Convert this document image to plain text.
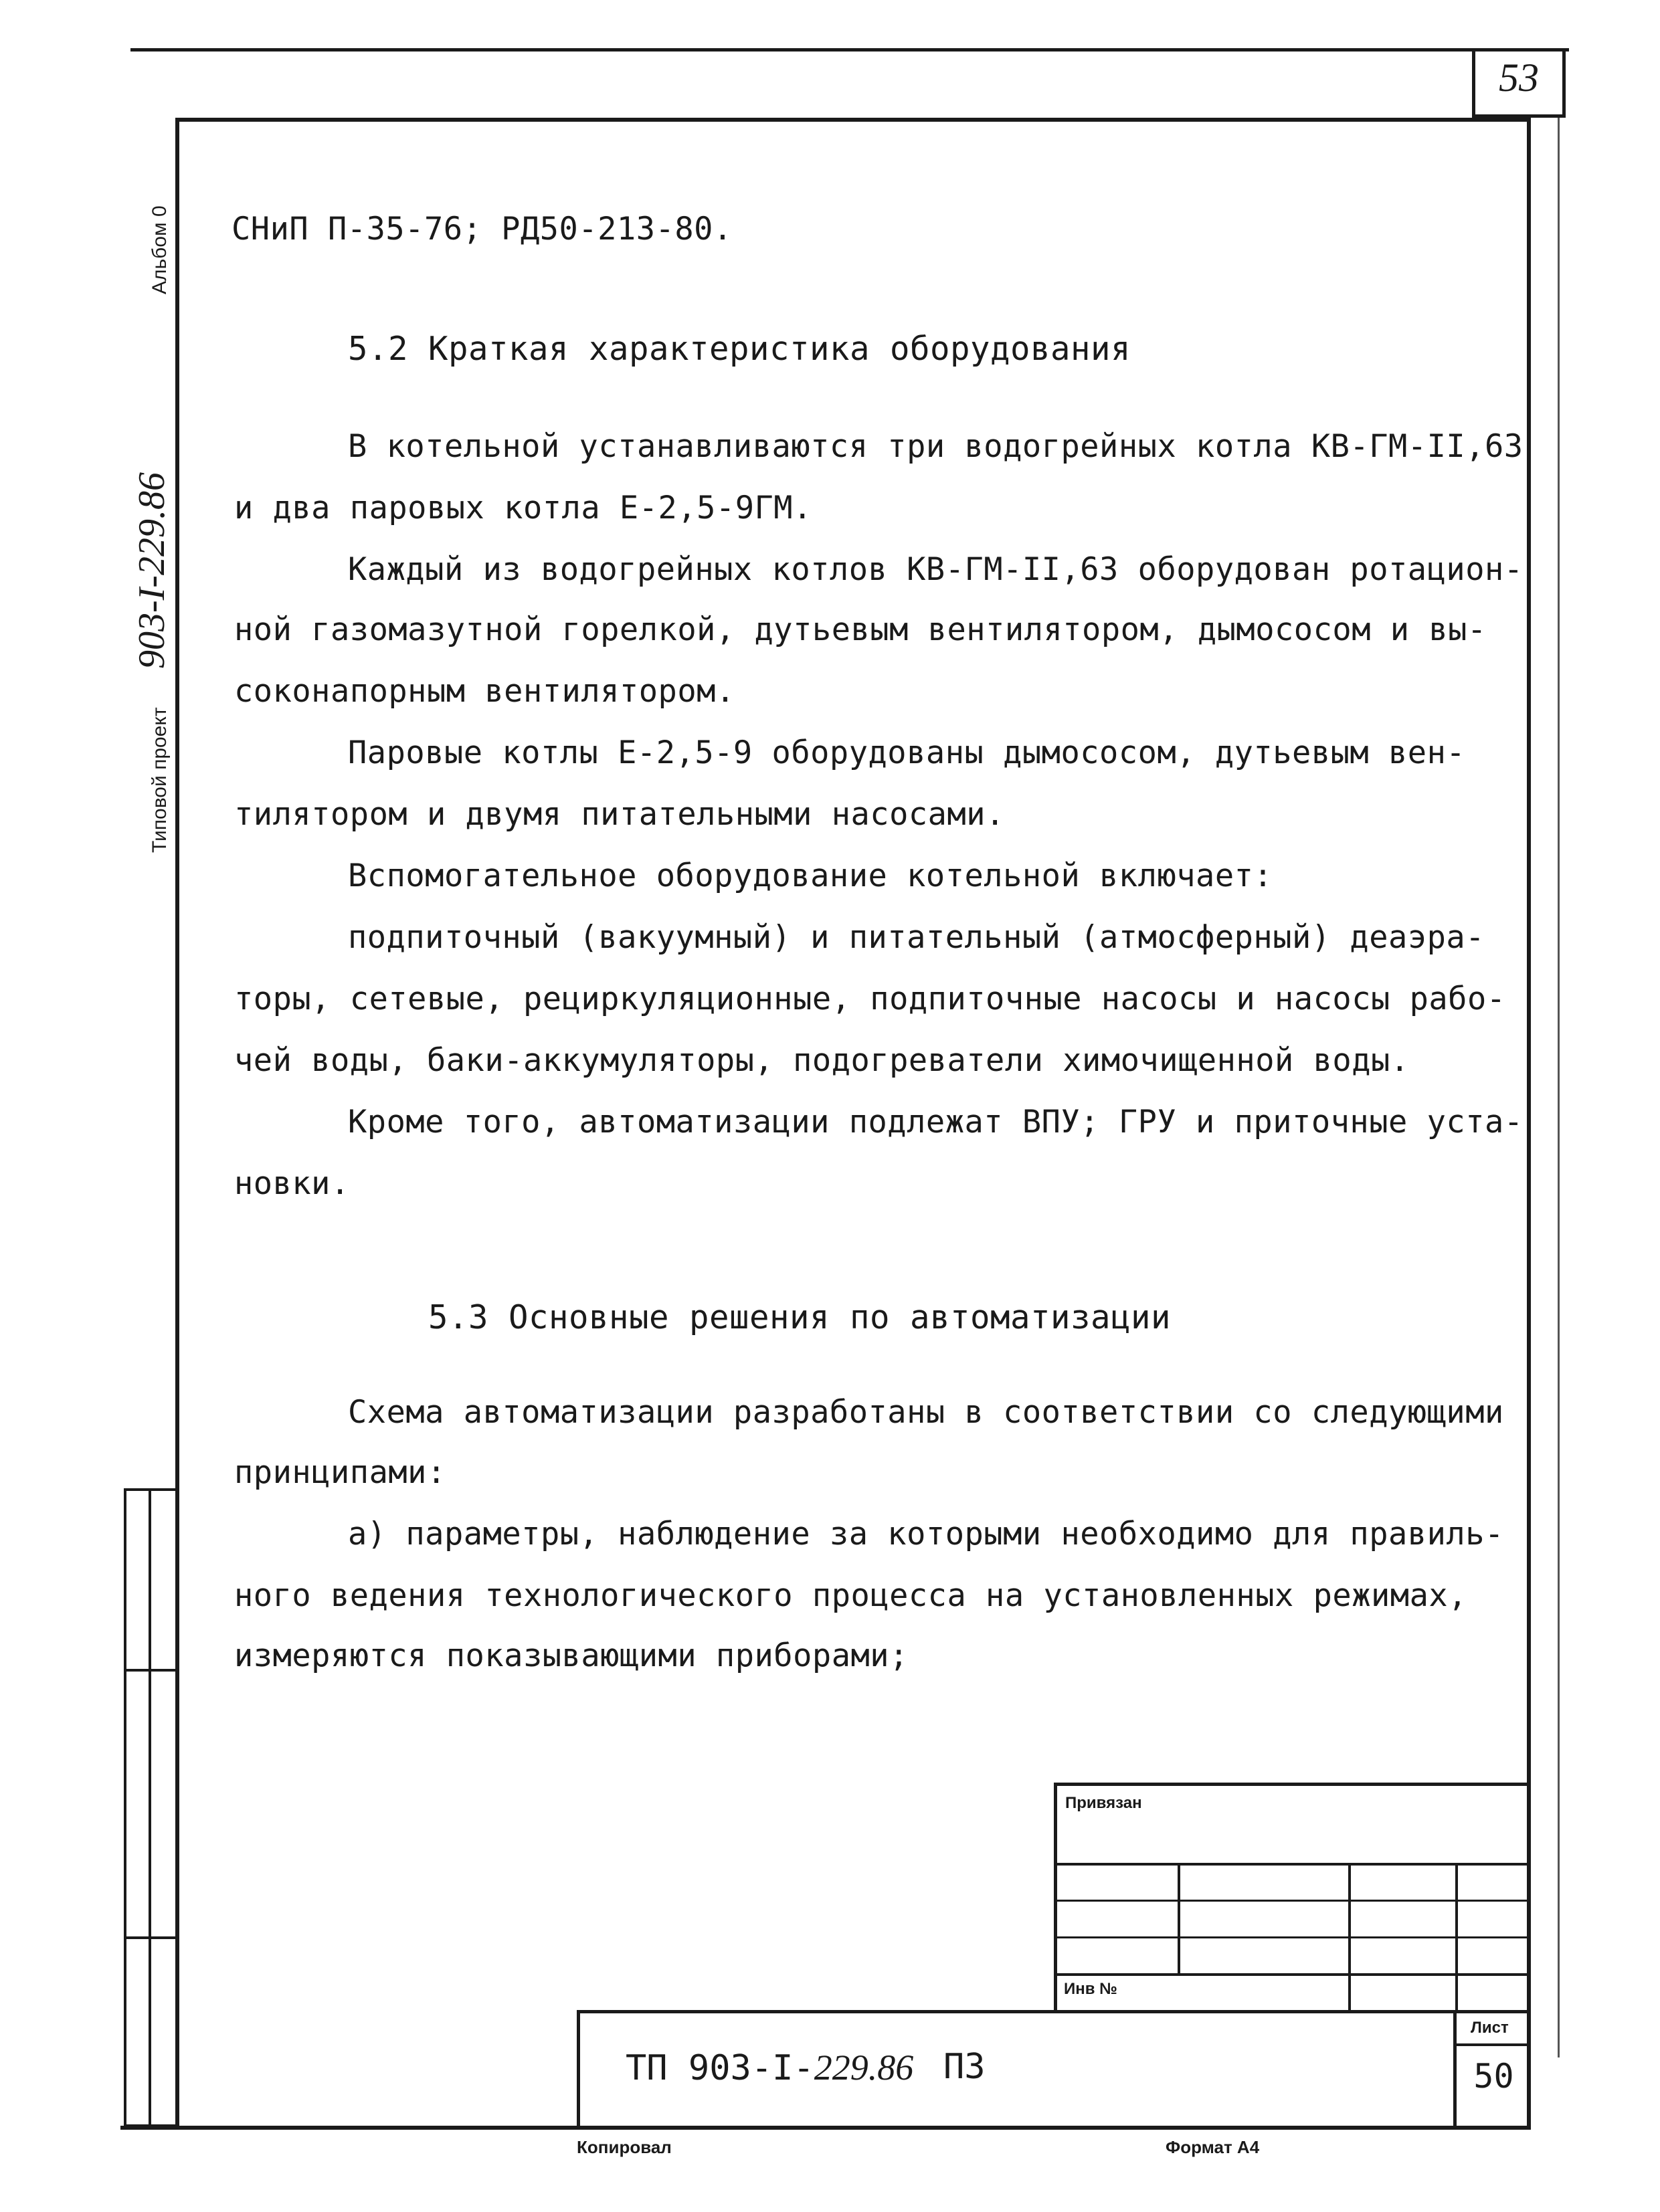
53
Альбом 0
Типовой проект
903-I-229.86
СНиП П-35-76; РД50-213-80.
5.2 Краткая характеристика оборудования
В котельной устанавливаются три водогрейных котла КВ-ГМ-II,63
и два паровых котла Е-2,5-9ГМ.
Каждый из водогрейных котлов КВ-ГМ-II,63 оборудован ротацион-
ной газомазутной горелкой, дутьевым вентилятором, дымососом и вы-
соконапорным вентилятором.
Паровые котлы Е-2,5-9 оборудованы дымососом, дутьевым вен-
тилятором и двумя питательными насосами.
Вспомогательное оборудование котельной включает:
подпиточный (вакуумный) и питательный (атмосферный) деаэра-
торы, сетевые, рециркуляционные, подпиточные насосы и насосы рабо-
чей воды, баки-аккумуляторы, подогреватели химочищенной воды.
Кроме того, автоматизации подлежат ВПУ; ГРУ и приточные уста-
новки.
5.3 Основные решения по автоматизации
Схема автоматизации разработаны в соответствии со следующими
принципами:
а) параметры, наблюдение за которыми необходимо для правиль-
ного ведения технологического процесса на установленных режимах,
измеряются показывающими приборами;
Привязан
Инв №
ТП 903-I-229.86 ПЗ
Лист
50
Копировал	Формат А4
